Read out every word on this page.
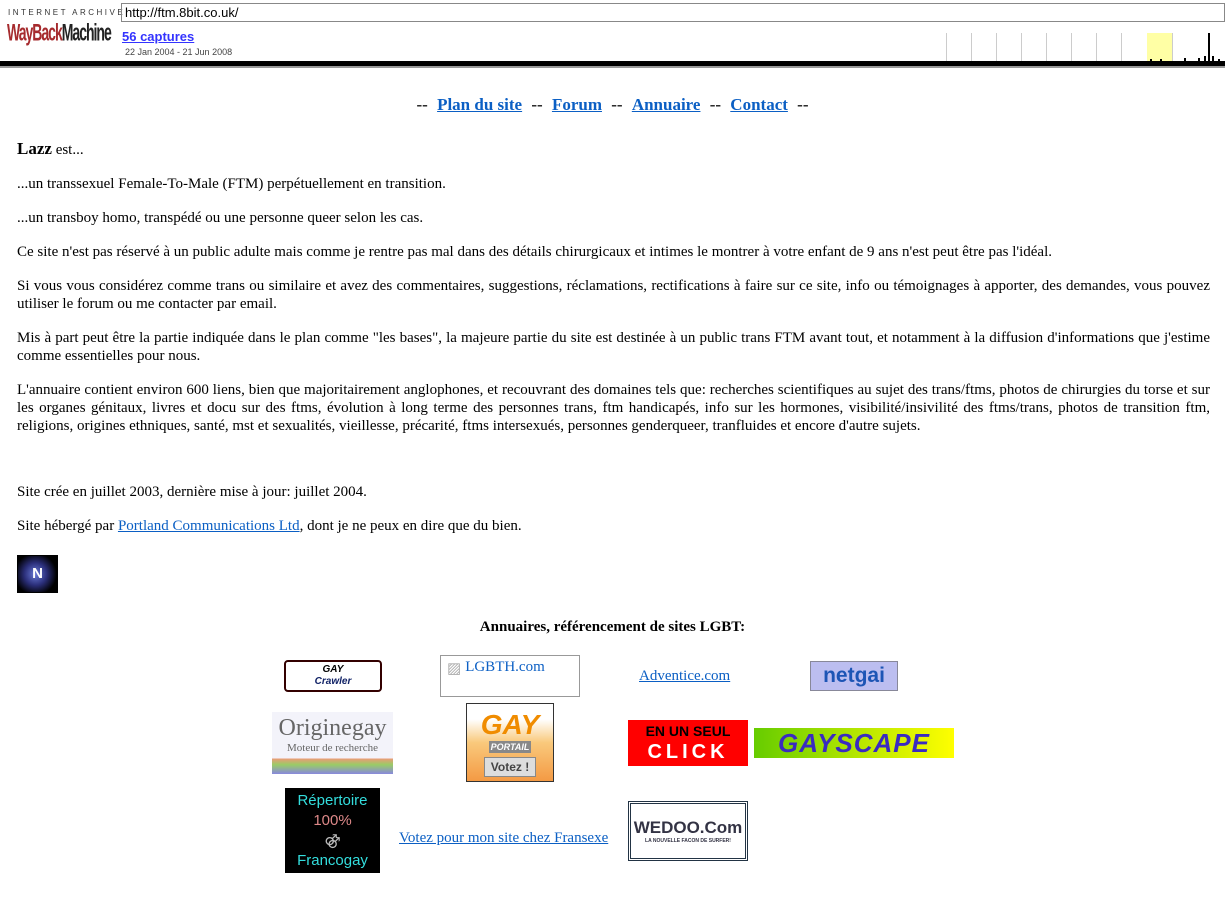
INTERNET ARCHIVE
WayBackMachine
http://ftm.8bit.co.uk/
56 captures
22 Jan 2004 - 21 Jun 2008
-- Plan du site -- Forum -- Annuaire -- Contact --

Lazz est...

...un transsexuel Female-To-Male (FTM) perpétuellement en transition.

...un transboy homo, transpédé ou une personne queer selon les cas.

Ce site n'est pas réservé à un public adulte mais comme je rentre pas mal dans des détails chirurgicaux et intimes le montrer à votre enfant de 9 ans n'est peut être pas l'idéal.

Si vous vous considérez comme trans ou similaire et avez des commentaires, suggestions, réclamations, rectifications à faire sur ce site, info ou témoignages à apporter, des demandes, vous pouvez utiliser le forum ou me contacter par email.

Mis à part peut être la partie indiquée dans le plan comme "les bases", la majeure partie du site est destinée à un public trans FTM avant tout, et notamment à la diffusion d'informations que j'estime comme essentielles pour nous.

L'annuaire contient environ 600 liens, bien que majoritairement anglophones, et recouvrant des domaines tels que: recherches scientifiques au sujet des trans/ftms, photos de chirurgies du torse et sur les organes génitaux, livres et docu sur des ftms, évolution à long terme des personnes trans, ftm handicapés, info sur les hormones, visibilité/insivilité des ftms/trans, photos de transition ftm, religions, origines ethniques, santé, mst et sexualités, vieillesse, précarité, ftms intersexués, personnes genderqueer, tranfluides et encore d'autre sujets.

Site crée en juillet 2003, dernière mise à jour: juillet 2004.

Site hébergé par Portland Communications Ltd, dont je ne peux en dire que du bien.

N
Annuaires, référencement de sites LGBT:
GAY
Crawler
▨ LGBTH.com
Adventice.com	netgai
Originegay
Moteur de recherche
GAY
PORTAIL
Votez !
EN UN SEUL
CLICK	GAYSCAPE
Répertoire
100%
⚣
Francogay
Votez pour mon site chez Fransexe
WEDOO.Com
LA NOUVELLE FACON DE SURFER!
